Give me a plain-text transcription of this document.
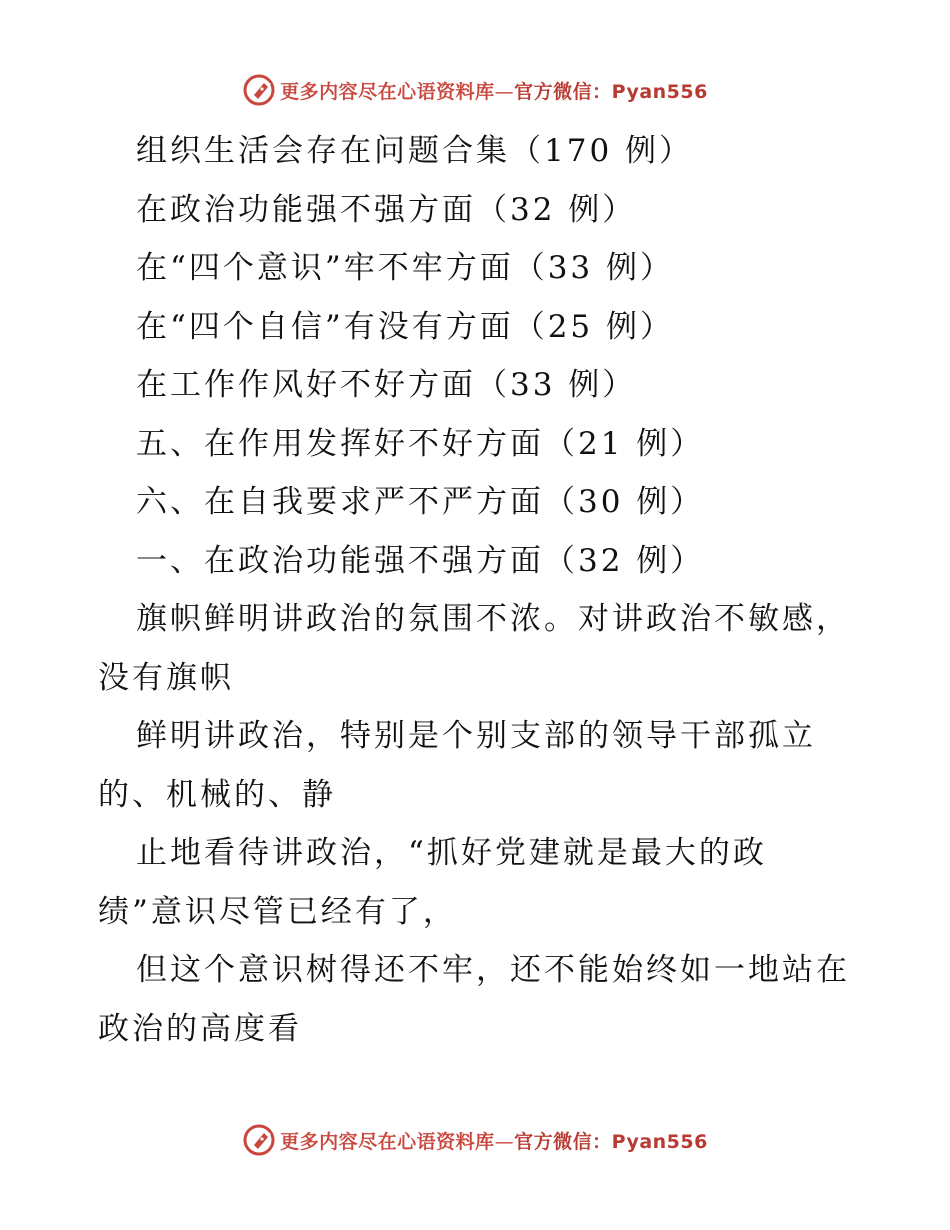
更多内容尽在心语资料库—官方微信：Pyan556
组织生活会存在问题合集（170 例）
在政治功能强不强方面（32 例）
在“四个意识”牢不牢方面（33 例）
在“四个自信”有没有方面（25 例）
在工作作风好不好方面（33 例）
五、在作用发挥好不好方面（21 例）
六、在自我要求严不严方面（30 例）
一、在政治功能强不强方面（32 例）
旗帜鲜明讲政治的氛围不浓。对讲政治不敏感，
没有旗帜
鲜明讲政治，特别是个别支部的领导干部孤立
的、机械的、静
止地看待讲政治，“抓好党建就是最大的政
绩”意识尽管已经有了，
但这个意识树得还不牢，还不能始终如一地站在
政治的高度看
更多内容尽在心语资料库—官方微信：Pyan556
